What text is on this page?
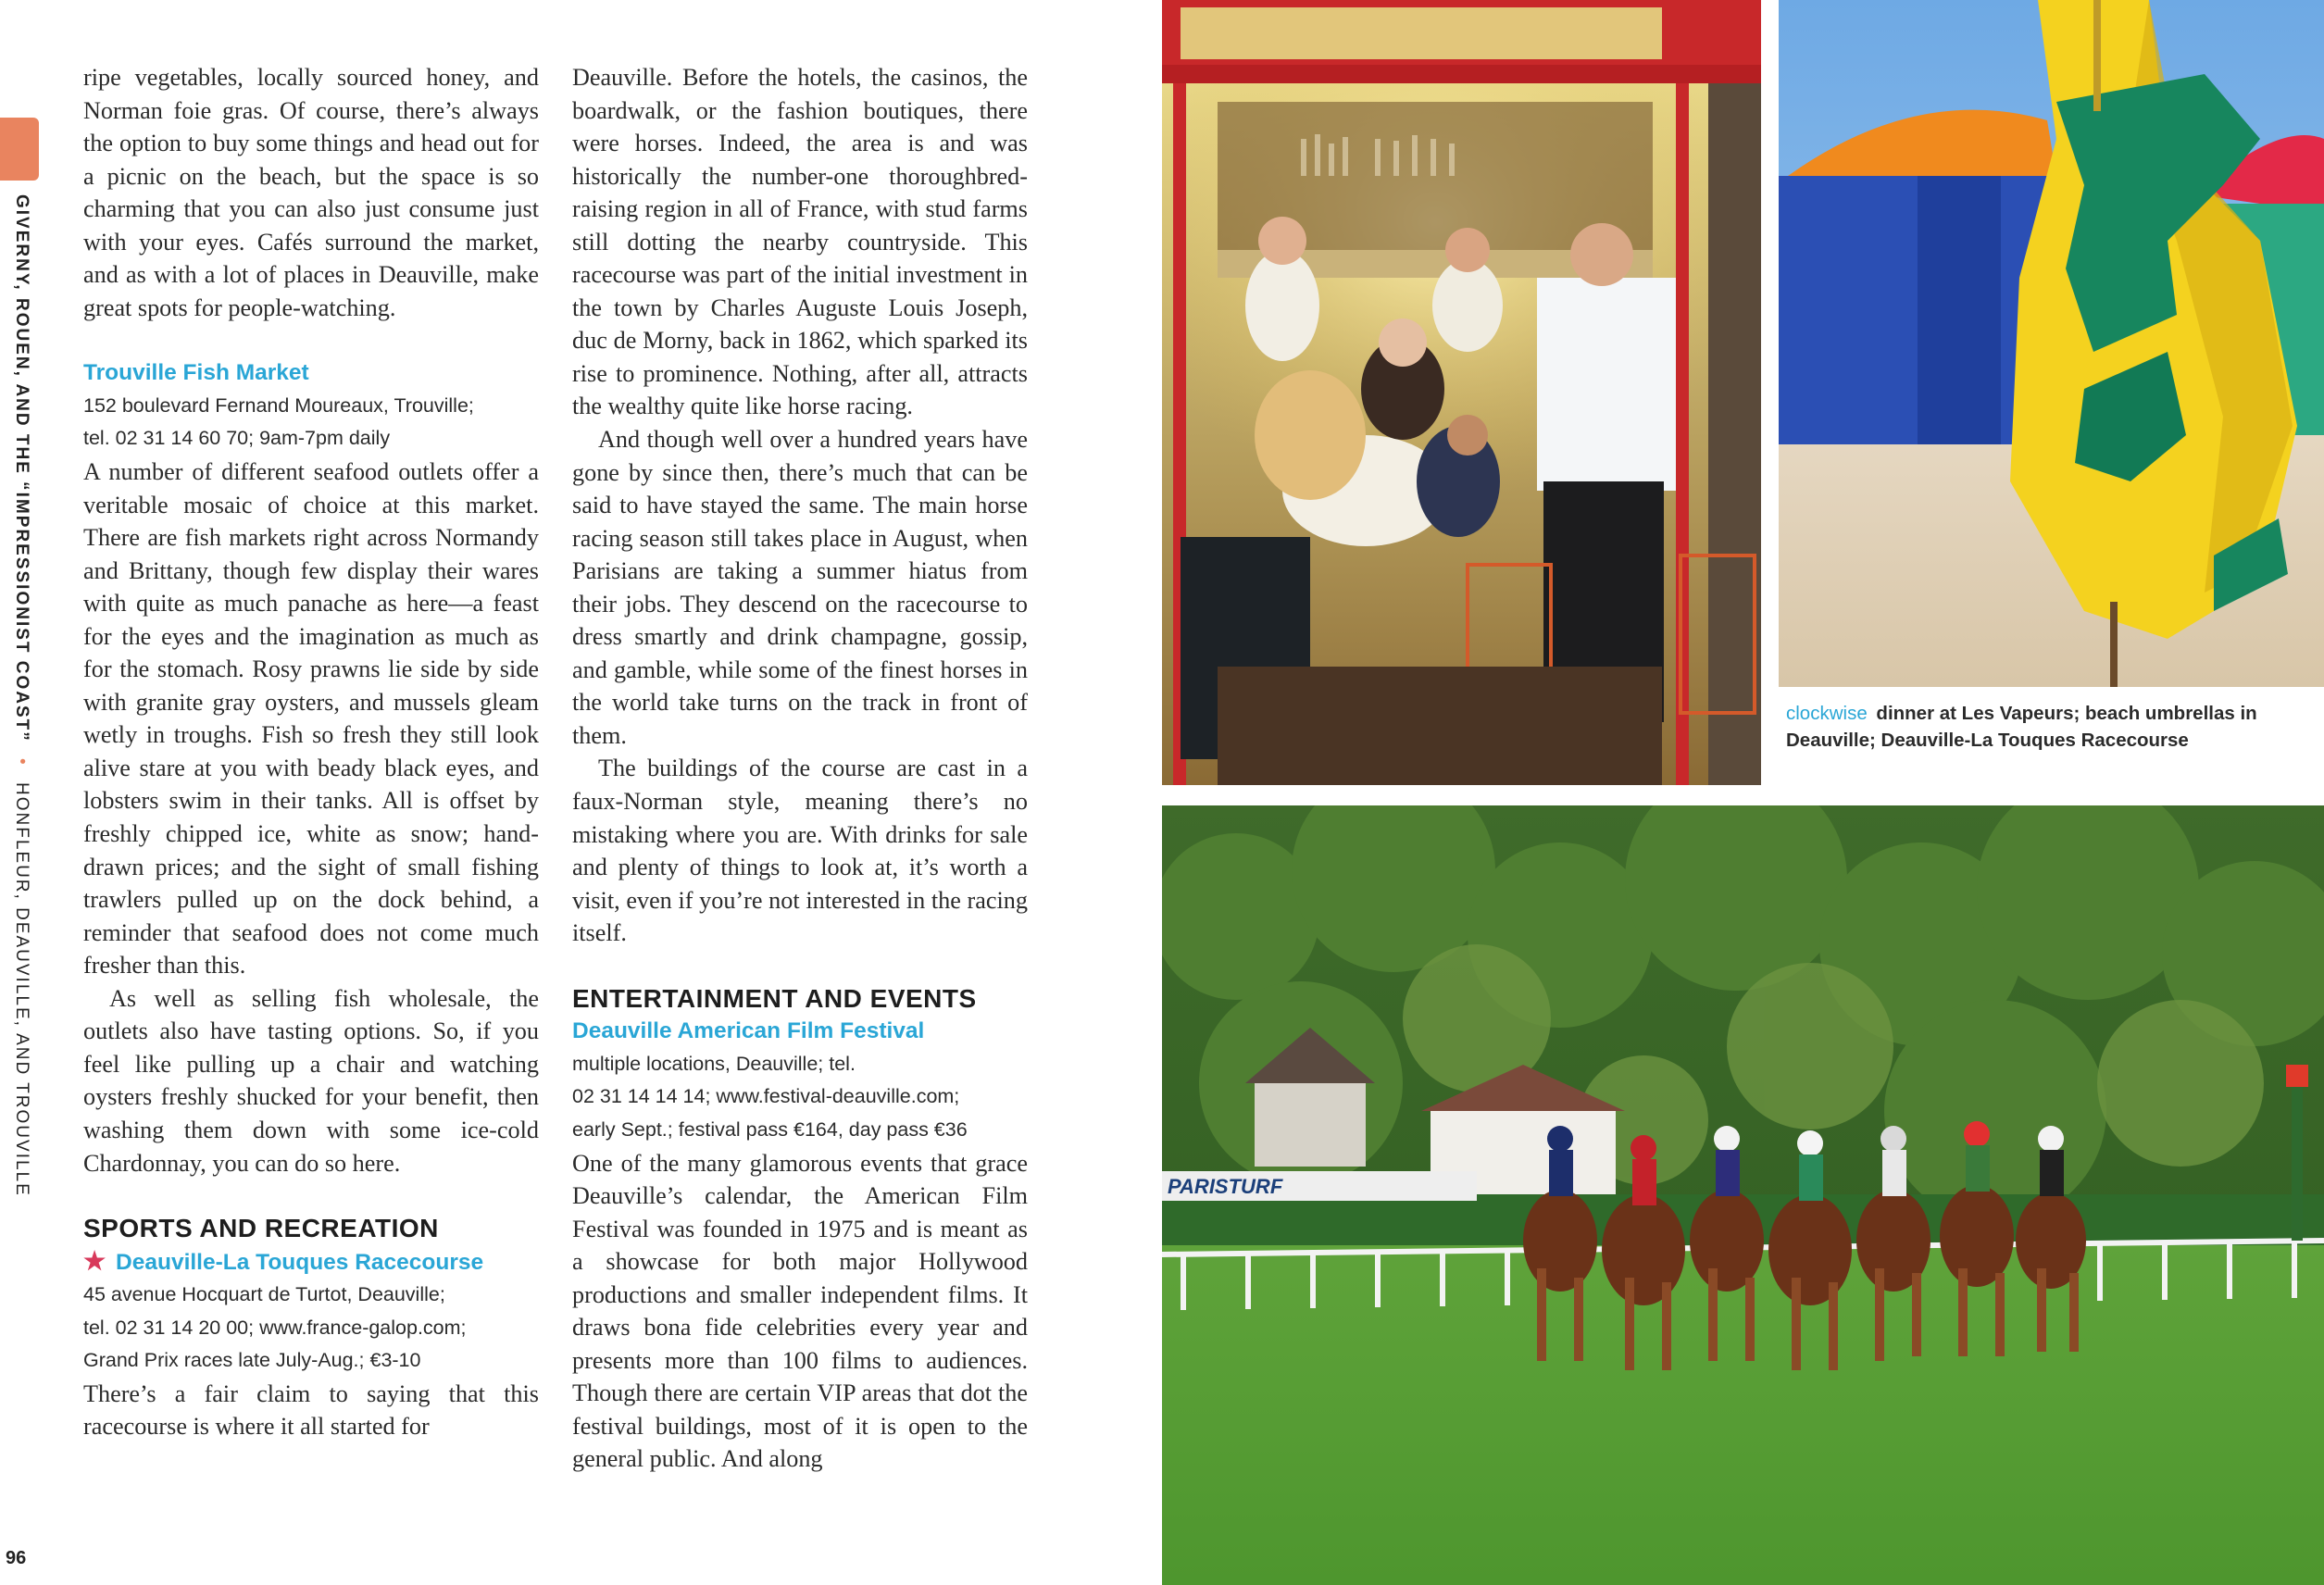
GIVERNY, ROUEN, AND THE “IMPRESSIONIST COAST” • HONFLEUR, DEAUVILLE, AND TROUVILLE
96

ripe vegetables, locally sourced honey, and Norman foie gras. Of course, there’s always the option to buy some things and head out for a picnic on the beach, but the space is so charming that you can also just consume just with your eyes. Cafés surround the market, and as with a lot of places in Deauville, make great spots for people-watching.

Trouville Fish Market
152 boulevard Fernand Moureaux, Trouville;
tel. 02 31 14 60 70; 9am-7pm daily

A number of different seafood outlets offer a veritable mosaic of choice at this market. There are fish markets right across Normandy and Brittany, though few display their wares with quite as much panache as here—a feast for the eyes and the imagination as much as for the stomach. Rosy prawns lie side by side with granite gray oysters, and mussels gleam wetly in troughs. Fish so fresh they still look alive stare at you with beady black eyes, and lobsters swim in their tanks. All is offset by freshly chipped ice, white as snow; hand-drawn prices; and the sight of small fishing trawlers pulled up on the dock behind, a reminder that seafood does not come much fresher than this.

As well as selling fish wholesale, the outlets also have tasting options. So, if you feel like pulling up a chair and watching oysters freshly shucked for your benefit, then washing them down with some ice-cold Chardonnay, you can do so here.

SPORTS AND RECREATION
★ Deauville-La Touques Racecourse
45 avenue Hocquart de Turtot, Deauville;
tel. 02 31 14 20 00; www.france-galop.com;
Grand Prix races late July-Aug.; €3-10

There’s a fair claim to saying that this racecourse is where it all started for

Deauville. Before the hotels, the casinos, the boardwalk, or the fashion boutiques, there were horses. Indeed, the area is and was historically the number-one thoroughbred-raising region in all of France, with stud farms still dotting the nearby countryside. This racecourse was part of the initial investment in the town by Charles Auguste Louis Joseph, duc de Morny, back in 1862, which sparked its rise to prominence. Nothing, after all, attracts the wealthy quite like horse racing.

And though well over a hundred years have gone by since then, there’s much that can be said to have stayed the same. The main horse racing season still takes place in August, when Parisians are taking a summer hiatus from their jobs. They descend on the racecourse to dress smartly and drink champagne, gossip, and gamble, while some of the finest horses in the world take turns on the track in front of them.

The buildings of the course are cast in a faux-Norman style, meaning there’s no mistaking where you are. With drinks for sale and plenty of things to look at, it’s worth a visit, even if you’re not interested in the racing itself.

ENTERTAINMENT AND EVENTS
Deauville American Film Festival
multiple locations, Deauville; tel.
02 31 14 14 14; www.festival-deauville.com;
early Sept.; festival pass €164, day pass €36

One of the many glamorous events that grace Deauville’s calendar, the American Film Festival was founded in 1975 and is meant as a showcase for both major Hollywood productions and smaller independent films. It draws bona fide celebrities every year and presents more than 100 films to audiences. Though there are certain VIP areas that dot the festival buildings, most of it is open to the general public. And along

clockwise dinner at Les Vapeurs; beach umbrellas in Deauville; Deauville-La Touques Racecourse
PARISTURF
